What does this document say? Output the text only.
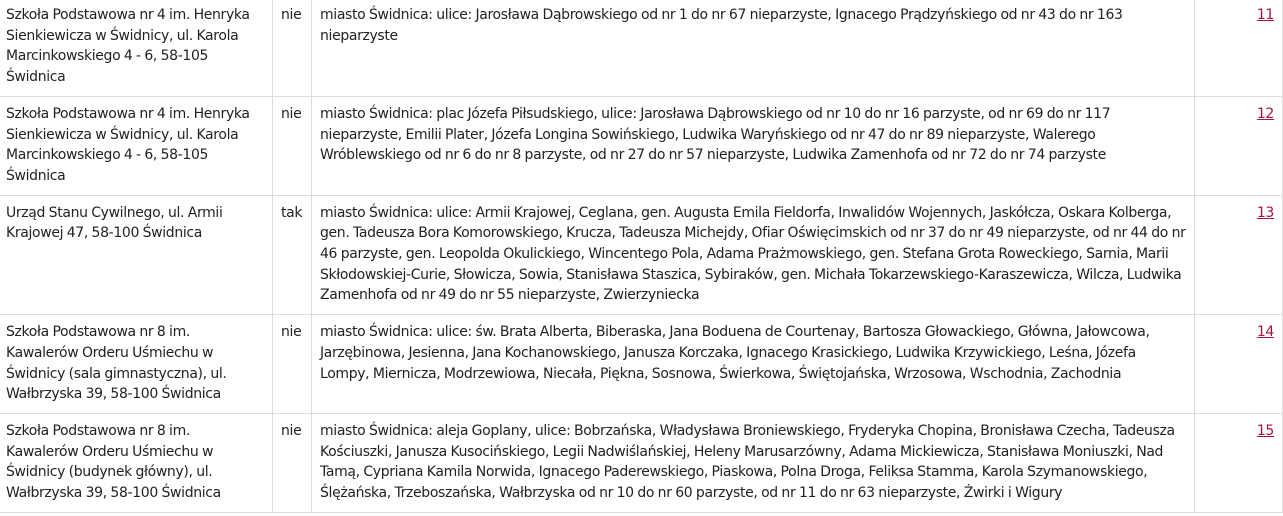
Szkoła Podstawowa nr 4 im. Henryka Sienkiewicza w Świdnicy, ul. Karola Marcinkowskiego 4 - 6, 58-105 Świdnica	nie	miasto Świdnica: ulice: Jarosława Dąbrowskiego od nr 1 do nr 67 nieparzyste, Ignacego Prądzyńskiego od nr 43 do nr 163 nieparzyste	11
Szkoła Podstawowa nr 4 im. Henryka Sienkiewicza w Świdnicy, ul. Karola Marcinkowskiego 4 - 6, 58-105 Świdnica	nie	miasto Świdnica: plac Józefa Piłsudskiego, ulice: Jarosława Dąbrowskiego od nr 10 do nr 16 parzyste, od nr 69 do nr 117 nieparzyste, Emilii Plater, Józefa Longina Sowińskiego, Ludwika Waryńskiego od nr 47 do nr 89 nieparzyste, Walerego Wróblewskiego od nr 6 do nr 8 parzyste, od nr 27 do nr 57 nieparzyste, Ludwika Zamenhofa od nr 72 do nr 74 parzyste	12
Urząd Stanu Cywilnego, ul. Armii Krajowej 47, 58-100 Świdnica	tak	miasto Świdnica: ulice: Armii Krajowej, Ceglana, gen. Augusta Emila Fieldorfa, Inwalidów Wojennych, Jaskółcza, Oskara Kolberga, gen. Tadeusza Bora Komorowskiego, Krucza, Tadeusza Michejdy, Ofiar Oświęcimskich od nr 37 do nr 49 nieparzyste, od nr 44 do nr 46 parzyste, gen. Leopolda Okulickiego, Wincentego Pola, Adama Prażmowskiego, gen. Stefana Grota Roweckiego, Sarnia, Marii Skłodowskiej-Curie, Słowicza, Sowia, Stanisława Staszica, Sybiraków, gen. Michała Tokarzewskiego-Karaszewicza, Wilcza, Ludwika Zamenhofa od nr 49 do nr 55 nieparzyste, Zwierzyniecka	13
Szkoła Podstawowa nr 8 im. Kawalerów Orderu Uśmiechu w Świdnicy (sala gimnastyczna), ul. Wałbrzyska 39, 58-100 Świdnica	nie	miasto Świdnica: ulice: św. Brata Alberta, Biberaska, Jana Boduena de Courtenay, Bartosza Głowackiego, Główna, Jałowcowa, Jarzębinowa, Jesienna, Jana Kochanowskiego, Janusza Korczaka, Ignacego Krasickiego, Ludwika Krzywickiego, Leśna, Józefa Lompy, Miernicza, Modrzewiowa, Niecała, Piękna, Sosnowa, Świerkowa, Świętojańska, Wrzosowa, Wschodnia, Zachodnia	14
Szkoła Podstawowa nr 8 im. Kawalerów Orderu Uśmiechu w Świdnicy (budynek główny), ul. Wałbrzyska 39, 58-100 Świdnica	nie	miasto Świdnica: aleja Goplany, ulice: Bobrzańska, Władysława Broniewskiego, Fryderyka Chopina, Bronisława Czecha, Tadeusza Kościuszki, Janusza Kusocińskiego, Legii Nadwiślańskiej, Heleny Marusarzówny, Adama Mickiewicza, Stanisława Moniuszki, Nad Tamą, Cypriana Kamila Norwida, Ignacego Paderewskiego, Piaskowa, Polna Droga, Feliksa Stamma, Karola Szymanowskiego, Ślężańska, Trzeboszańska, Wałbrzyska od nr 10 do nr 60 parzyste, od nr 11 do nr 63 nieparzyste, Żwirki i Wigury	15
